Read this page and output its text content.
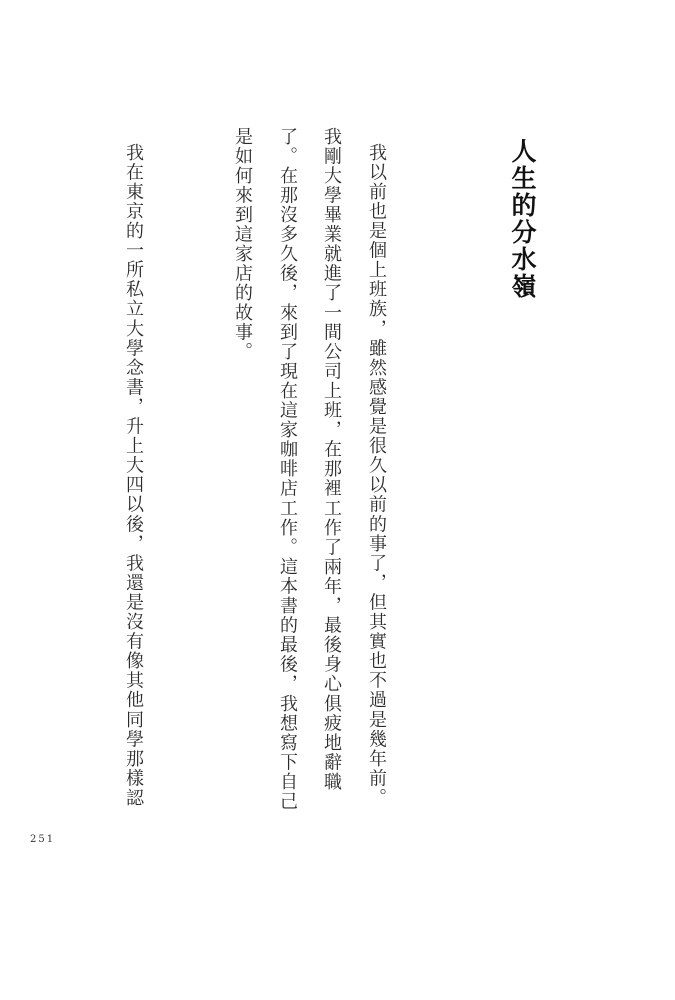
人生的分水嶺

我以前也是個上班族，雖然感覺是很久以前的事了，但其實也不過是幾年前。

我剛大學畢業就進了一間公司上班，在那裡工作了兩年，最後身心俱疲地辭職

了。在那沒多久後，來到了現在這家咖啡店工作。這本書的最後，我想寫下自己

是如何來到這家店的故事。

我在東京的一所私立大學念書，升上大四以後，我還是沒有像其他同學那樣認

251
